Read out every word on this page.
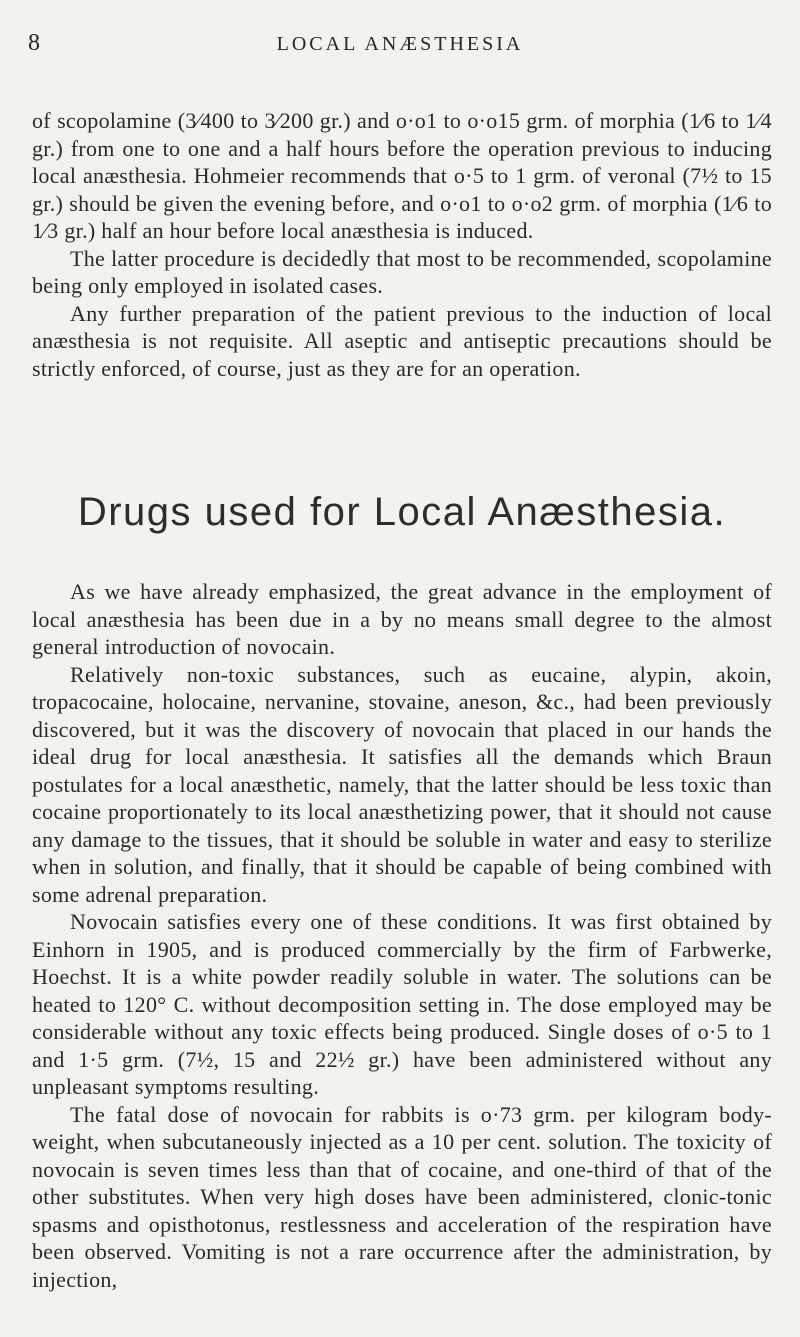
8	LOCAL ANÆSTHESIA

of scopolamine (3⁄400 to 3⁄200 gr.) and o·o1 to o·o15 grm. of morphia (1⁄6 to 1⁄4 gr.) from one to one and a half hours before the operation previous to inducing local anæsthesia. Hohmeier recommends that o·5 to 1 grm. of veronal (7½ to 15 gr.) should be given the evening before, and o·o1 to o·o2 grm. of morphia (1⁄6 to 1⁄3 gr.) half an hour before local anæsthesia is induced.

The latter procedure is decidedly that most to be recommended, scopolamine being only employed in isolated cases.

Any further preparation of the patient previous to the induction of local anæsthesia is not requisite. All aseptic and antiseptic precautions should be strictly enforced, of course, just as they are for an operation.

Drugs used for Local Anæsthesia.

As we have already emphasized, the great advance in the employment of local anæsthesia has been due in a by no means small degree to the almost general introduction of novocain.

Relatively non-toxic substances, such as eucaine, alypin, akoin, tropacocaine, holocaine, nervanine, stovaine, aneson, &c., had been previously discovered, but it was the discovery of novocain that placed in our hands the ideal drug for local anæsthesia. It satisfies all the demands which Braun postulates for a local anæsthetic, namely, that the latter should be less toxic than cocaine proportionately to its local anæsthetizing power, that it should not cause any damage to the tissues, that it should be soluble in water and easy to sterilize when in solution, and finally, that it should be capable of being combined with some adrenal preparation.

Novocain satisfies every one of these conditions. It was first obtained by Einhorn in 1905, and is produced commercially by the firm of Farbwerke, Hoechst. It is a white powder readily soluble in water. The solutions can be heated to 120° C. without decomposition setting in. The dose employed may be considerable without any toxic effects being produced. Single doses of o·5 to 1 and 1·5 grm. (7½, 15 and 22½ gr.) have been administered without any unpleasant symptoms resulting.

The fatal dose of novocain for rabbits is o·73 grm. per kilogram body-weight, when subcutaneously injected as a 10 per cent. solution. The toxicity of novocain is seven times less than that of cocaine, and one-third of that of the other substitutes. When very high doses have been administered, clonic-tonic spasms and opisthotonus, restlessness and acceleration of the respiration have been observed. Vomiting is not a rare occurrence after the administration, by injection,
